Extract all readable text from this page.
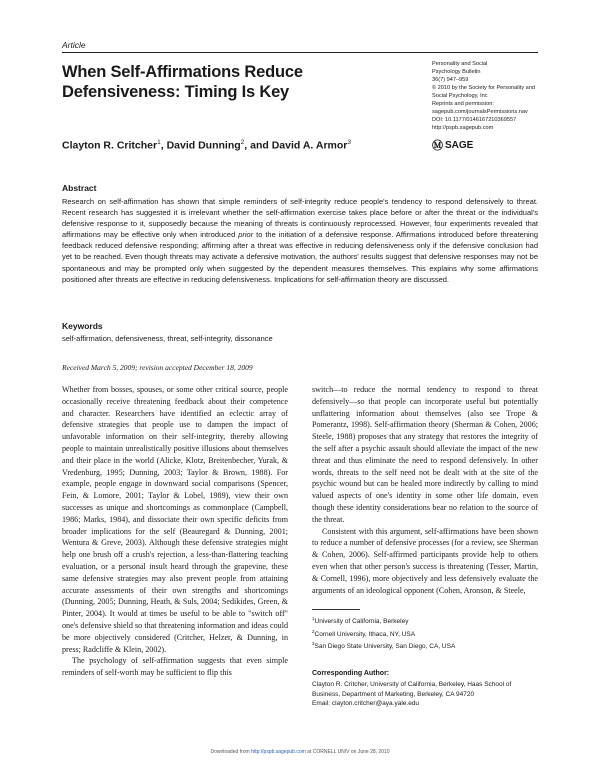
Article
When Self-Affirmations Reduce Defensiveness: Timing Is Key
Personality and Social
Psychology Bulletin
36(7) 947–959
© 2010 by the Society for Personality and
Social Psychology, Inc
Reprints and permission:
sagepub.com/journalsPermissions.nav
DOI: 10.1177/0146167210369557
http://pspb.sagepub.com
Ⓜ SAGE
Clayton R. Critcher$^1$, David Dunning$^2$, and David A. Armor$^3$
Abstract
Research on self-affirmation has shown that simple reminders of self-integrity reduce people's tendency to respond defensively to threat. Recent research has suggested it is irrelevant whether the self-affirmation exercise takes place before or after the threat or the individual's defensive response to it, supposedly because the meaning of threats is continuously reprocessed. However, four experiments revealed that affirmations may be effective only when introduced prior to the initiation of a defensive response. Affirmations introduced before threatening feedback reduced defensive responding; affirming after a threat was effective in reducing defensiveness only if the defensive conclusion had yet to be reached. Even though threats may activate a defensive motivation, the authors' results suggest that defensive responses may not be spontaneous and may be prompted only when suggested by the dependent measures themselves. This explains why some affirmations positioned after threats are effective in reducing defensiveness. Implications for self-affirmation theory are discussed.
Keywords
self-affirmation, defensiveness, threat, self-integrity, dissonance
Received March 5, 2009; revision accepted December 18, 2009

Whether from bosses, spouses, or some other critical source, people occasionally receive threatening feedback about their competence and character. Researchers have identified an eclectic array of defensive strategies that people use to dampen the impact of unfavorable information on their self-integrity, thereby allowing people to maintain unrealistically positive illusions about themselves and their place in the world (Alicke, Klotz, Breitenbecher, Yurak, & Vredenburg, 1995; Dunning, 2003; Taylor & Brown, 1988). For example, people engage in downward social comparisons (Spencer, Fein, & Lomore, 2001; Taylor & Lobel, 1989), view their own successes as unique and shortcomings as commonplace (Campbell, 1986; Marks, 1984), and dissociate their own specific deficits from broader implications for the self (Beauregard & Dunning, 2001; Wentura & Greve, 2003). Although these defensive strategies might help one brush off a crush's rejection, a less-than-flattering teaching evaluation, or a personal insult heard through the grapevine, these same defensive strategies may also prevent people from attaining accurate assessments of their own strengths and shortcomings (Dunning, 2005; Dunning, Heath, & Suls, 2004; Sedikides, Green, & Pinter, 2004). It would at times be useful to be able to "switch off" one's defensive shield so that threatening information and ideas could be more objectively considered (Critcher, Helzer, & Dunning, in press; Radcliffe & Klein, 2002).

The psychology of self-affirmation suggests that even simple reminders of self-worth may be sufficient to flip this

switch—to reduce the normal tendency to respond to threat defensively—so that people can incorporate useful but potentially unflattering information about themselves (also see Trope & Pomerantz, 1998). Self-affirmation theory (Sherman & Cohen, 2006; Steele, 1988) proposes that any strategy that restores the integrity of the self after a psychic assault should alleviate the impact of the new threat and thus eliminate the need to respond defensively. In other words, threats to the self need not be dealt with at the site of the psychic wound but can be healed more indirectly by calling to mind valued aspects of one's identity in some other life domain, even though these identity considerations bear no relation to the source of the threat.

Consistent with this argument, self-affirmations have been shown to reduce a number of defensive processes (for a review, see Sherman & Cohen, 2006). Self-affirmed participants provide help to others even when that other person's success is threatening (Tesser, Martin, & Cornell, 1996), more objectively and less defensively evaluate the arguments of an ideological opponent (Cohen, Aronson, & Steele,

$^1$University of California, Berkeley
$^2$Cornell University, Ithaca, NY, USA
$^3$San Diego State University, San Diego, CA, USA
Corresponding Author:
Clayton R. Critcher, University of California, Berkeley, Haas School of
Business, Department of Marketing, Berkeley, CA 94720
Email: clayton.critcher@aya.yale.edu
Downloaded from http://pspb.sagepub.com at CORNELL UNIV on June 28, 2010
